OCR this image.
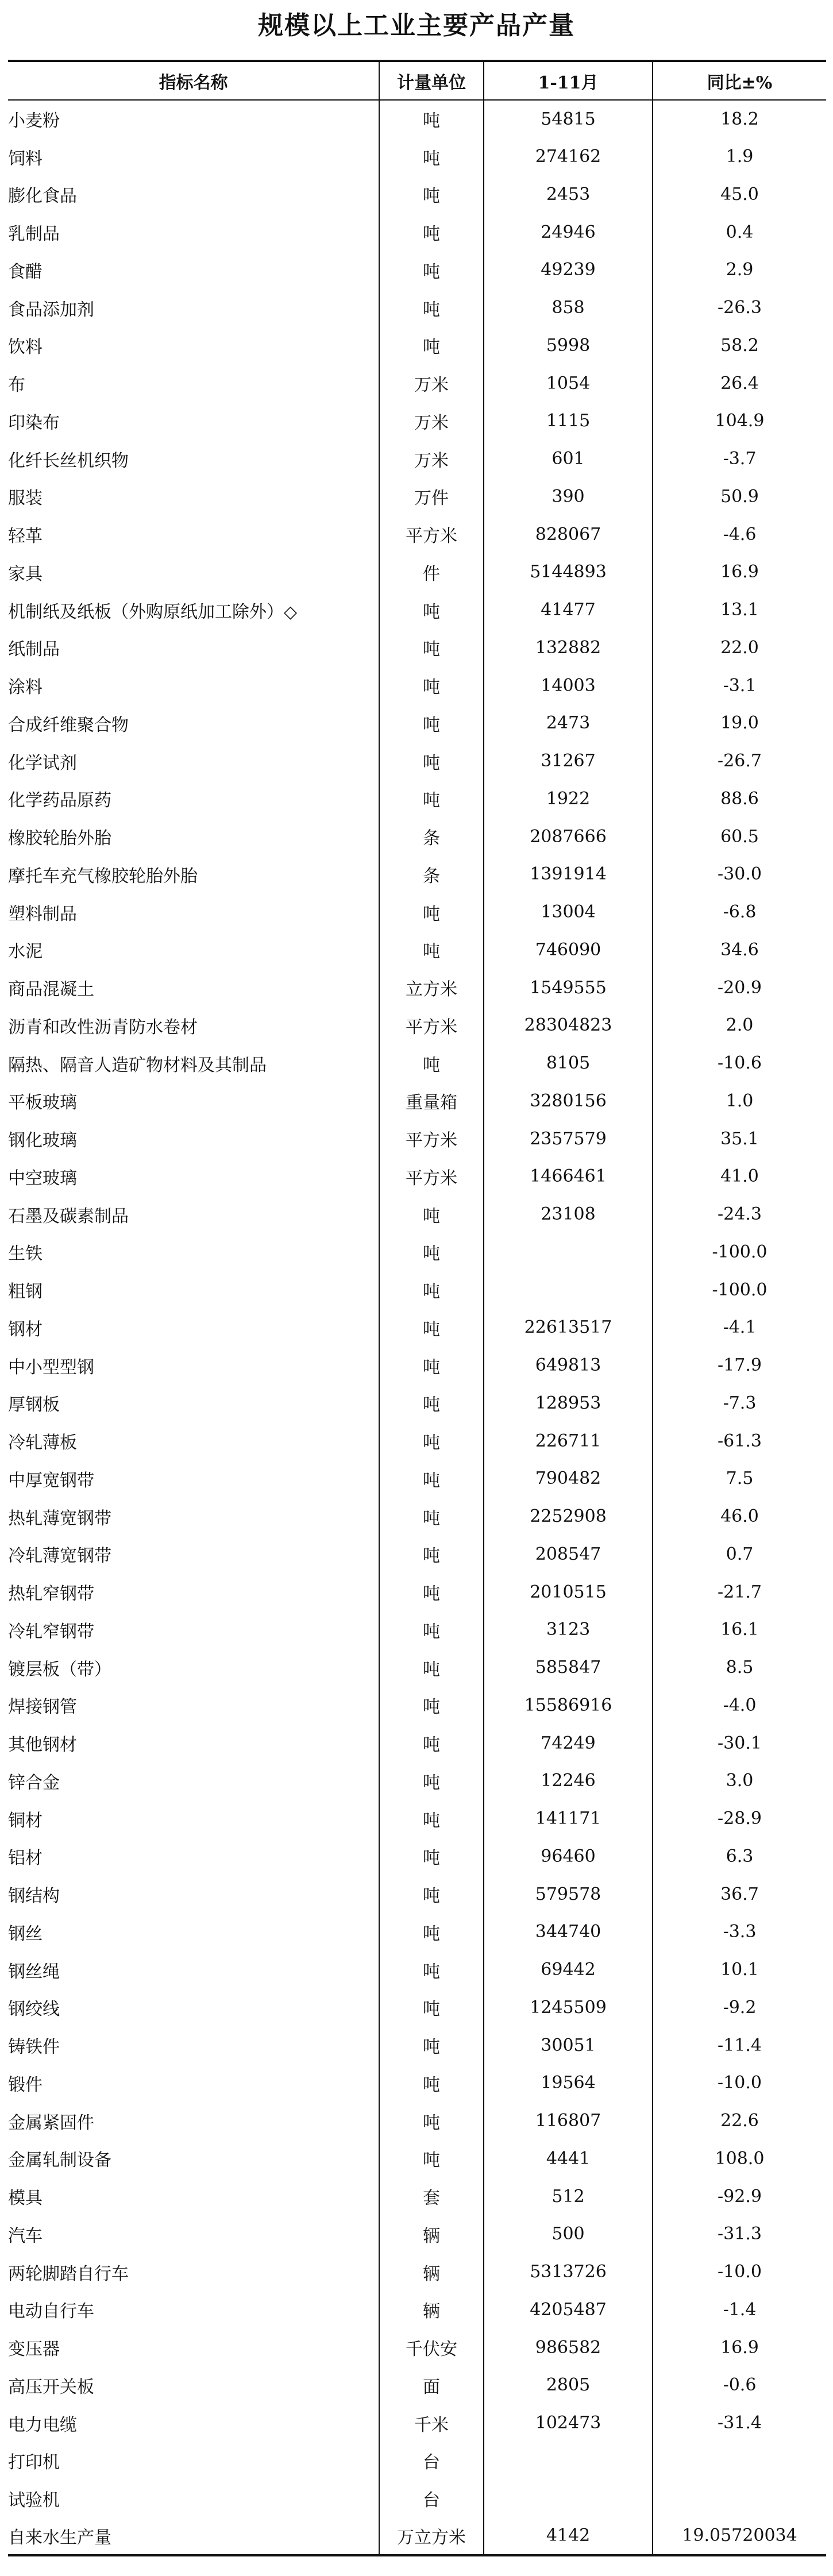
规模以上工业主要产品产量
指标名称	计量单位	1-11月	同比±%
小麦粉	吨	54815	18.2
饲料	吨	274162	1.9
膨化食品	吨	2453	45.0
乳制品	吨	24946	0.4
食醋	吨	49239	2.9
食品添加剂	吨	858	-26.3
饮料	吨	5998	58.2
布	万米	1054	26.4
印染布	万米	1115	104.9
化纤长丝机织物	万米	601	-3.7
服装	万件	390	50.9
轻革	平方米	828067	-4.6
家具	件	5144893	16.9
机制纸及纸板（外购原纸加工除外）◇	吨	41477	13.1
纸制品	吨	132882	22.0
涂料	吨	14003	-3.1
合成纤维聚合物	吨	2473	19.0
化学试剂	吨	31267	-26.7
化学药品原药	吨	1922	88.6
橡胶轮胎外胎	条	2087666	60.5
摩托车充气橡胶轮胎外胎	条	1391914	-30.0
塑料制品	吨	13004	-6.8
水泥	吨	746090	34.6
商品混凝土	立方米	1549555	-20.9
沥青和改性沥青防水卷材	平方米	28304823	2.0
隔热、隔音人造矿物材料及其制品	吨	8105	-10.6
平板玻璃	重量箱	3280156	1.0
钢化玻璃	平方米	2357579	35.1
中空玻璃	平方米	1466461	41.0
石墨及碳素制品	吨	23108	-24.3
生铁	吨		-100.0
粗钢	吨		-100.0
钢材	吨	22613517	-4.1
中小型型钢	吨	649813	-17.9
厚钢板	吨	128953	-7.3
冷轧薄板	吨	226711	-61.3
中厚宽钢带	吨	790482	7.5
热轧薄宽钢带	吨	2252908	46.0
冷轧薄宽钢带	吨	208547	0.7
热轧窄钢带	吨	2010515	-21.7
冷轧窄钢带	吨	3123	16.1
镀层板（带）	吨	585847	8.5
焊接钢管	吨	15586916	-4.0
其他钢材	吨	74249	-30.1
锌合金	吨	12246	3.0
铜材	吨	141171	-28.9
铝材	吨	96460	6.3
钢结构	吨	579578	36.7
钢丝	吨	344740	-3.3
钢丝绳	吨	69442	10.1
钢绞线	吨	1245509	-9.2
铸铁件	吨	30051	-11.4
锻件	吨	19564	-10.0
金属紧固件	吨	116807	22.6
金属轧制设备	吨	4441	108.0
模具	套	512	-92.9
汽车	辆	500	-31.3
两轮脚踏自行车	辆	5313726	-10.0
电动自行车	辆	4205487	-1.4
变压器	千伏安	986582	16.9
高压开关板	面	2805	-0.6
电力电缆	千米	102473	-31.4
打印机	台		
试验机	台		
自来水生产量	万立方米	4142	19.05720034
